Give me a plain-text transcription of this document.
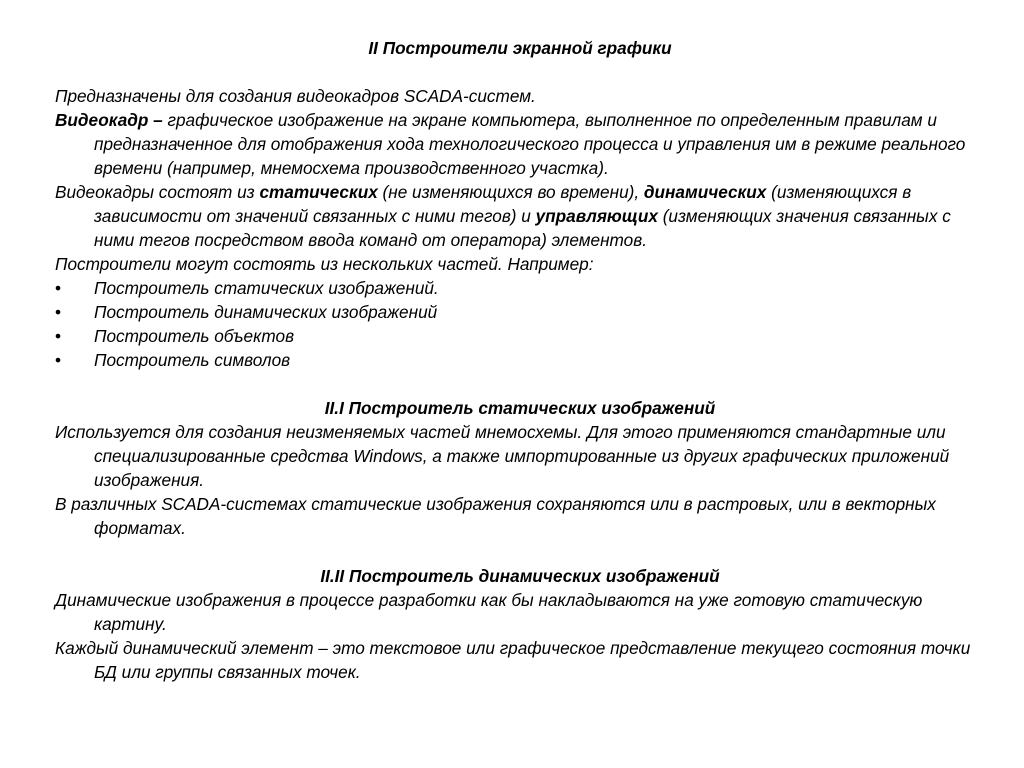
II Построители экранной графики
Предназначены для создания видеокадров SCADA-систем.
Видеокадр – графическое изображение на экране компьютера, выполненное по определенным правилам и предназначенное для отображения хода технологического процесса и управления им в режиме реального времени (например, мнемосхема производственного участка).
Видеокадры состоят из статических (не изменяющихся во времени), динамических (изменяющихся в зависимости от значений связанных с ними тегов) и управляющих (изменяющих значения связанных с ними тегов посредством ввода команд от оператора) элементов.
Построители могут состоять из нескольких частей. Например:
• Построитель статических изображений.
• Построитель динамических изображений
• Построитель объектов
• Построитель символов
II.I Построитель статических изображений
Используется для создания неизменяемых частей мнемосхемы. Для этого применяются стандартные или специализированные средства Windows, а также импортированные из других графических приложений изображения.
В различных SCADA-системах статические изображения сохраняются или в растровых, или в векторных форматах.
II.II Построитель динамических изображений
Динамические изображения в процессе разработки как бы накладываются на уже готовую статическую картину.
Каждый динамический элемент – это текстовое или графическое представление текущего состояния точки БД или группы связанных точек.
